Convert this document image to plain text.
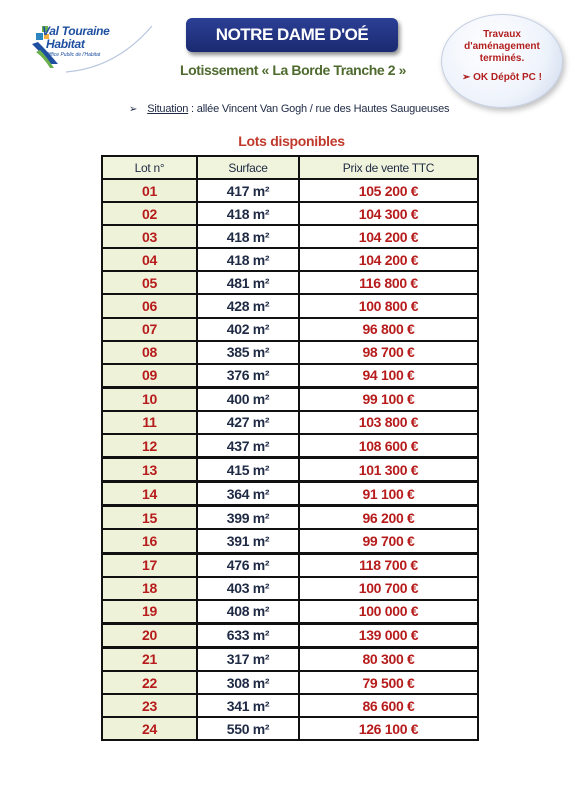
Val Touraine
Habitat
Office Public de l'Habitat
NOTRE DAME D'OÉ
Lotissement « La Borde Tranche 2 »
Travaux
d'aménagement
terminés.
➢ OK Dépôt PC !
➢ Situation : allée Vincent Van Gogh / rue des Hautes Saugueuses
Lots disponibles
Lot n°	Surface	Prix de vente TTC
01	417 m²	105 200 €
02	418 m²	104 300 €
03	418 m²	104 200 €
04	418 m²	104 200 €
05	481 m²	116 800 €
06	428 m²	100 800 €
07	402 m²	96 800 €
08	385 m²	98 700 €
09	376 m²	94 100 €
10	400 m²	99 100 €
11	427 m²	103 800 €
12	437 m²	108 600 €
13	415 m²	101 300 €
14	364 m²	91 100 €
15	399 m²	96 200 €
16	391 m²	99 700 €
17	476 m²	118 700 €
18	403 m²	100 700 €
19	408 m²	100 000 €
20	633 m²	139 000 €
21	317 m²	80 300 €
22	308 m²	79 500 €
23	341 m²	86 600 €
24	550 m²	126 100 €
